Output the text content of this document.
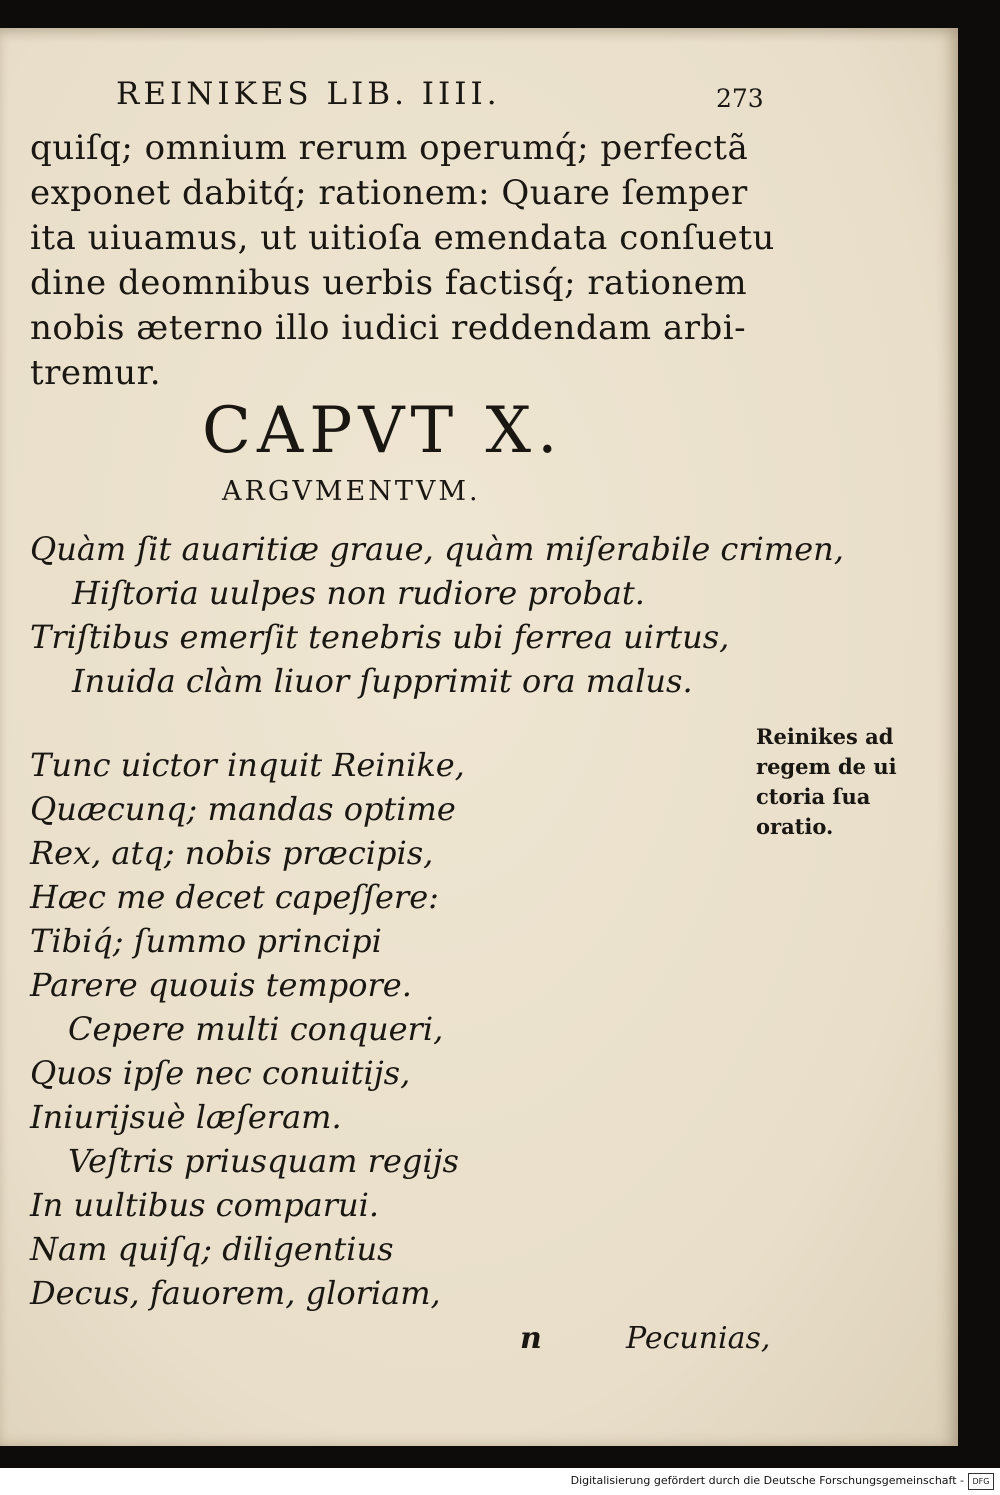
REINIKES LIB. IIII.	273
quiſq; omnium rerum operumq́; perfectã
exponet dabitq́; rationem: Quare ſemper
ita uiuamus, ut uitioſa emendata conſuetu
dine deomnibus uerbis factisq́; rationem
nobis æterno illo iudici reddendam arbi-
tremur.
CAPVT X.
ARGVMENTVM.
Quàm ſit auaritiæ graue, quàm miſerabile crimen,
Hiſtoria uulpes non rudiore probat.
Triſtibus emerſit tenebris ubi ferrea uirtus,
Inuida clàm liuor ſupprimit ora malus.
Tunc uictor inquit Reinike,
Quæcunq; mandas optime
Rex, atq; nobis præcipis,
Hæc me decet capeſſere:
Tibiq́; ſummo principi
Parere quouis tempore.
Cepere multi conqueri,
Quos ipſe nec conuitijs,
Iniurijsuè læſeram.
Veſtris priusquam regijs
In uultibus comparui.
Nam quiſq; diligentius
Decus, fauorem, gloriam,
Reinikes ad
regem de ui
ctoria ſua
oratio.
n	Pecunias,
Digitalisierung gefördert durch die Deutsche Forschungsgemeinschaft -	DFG
